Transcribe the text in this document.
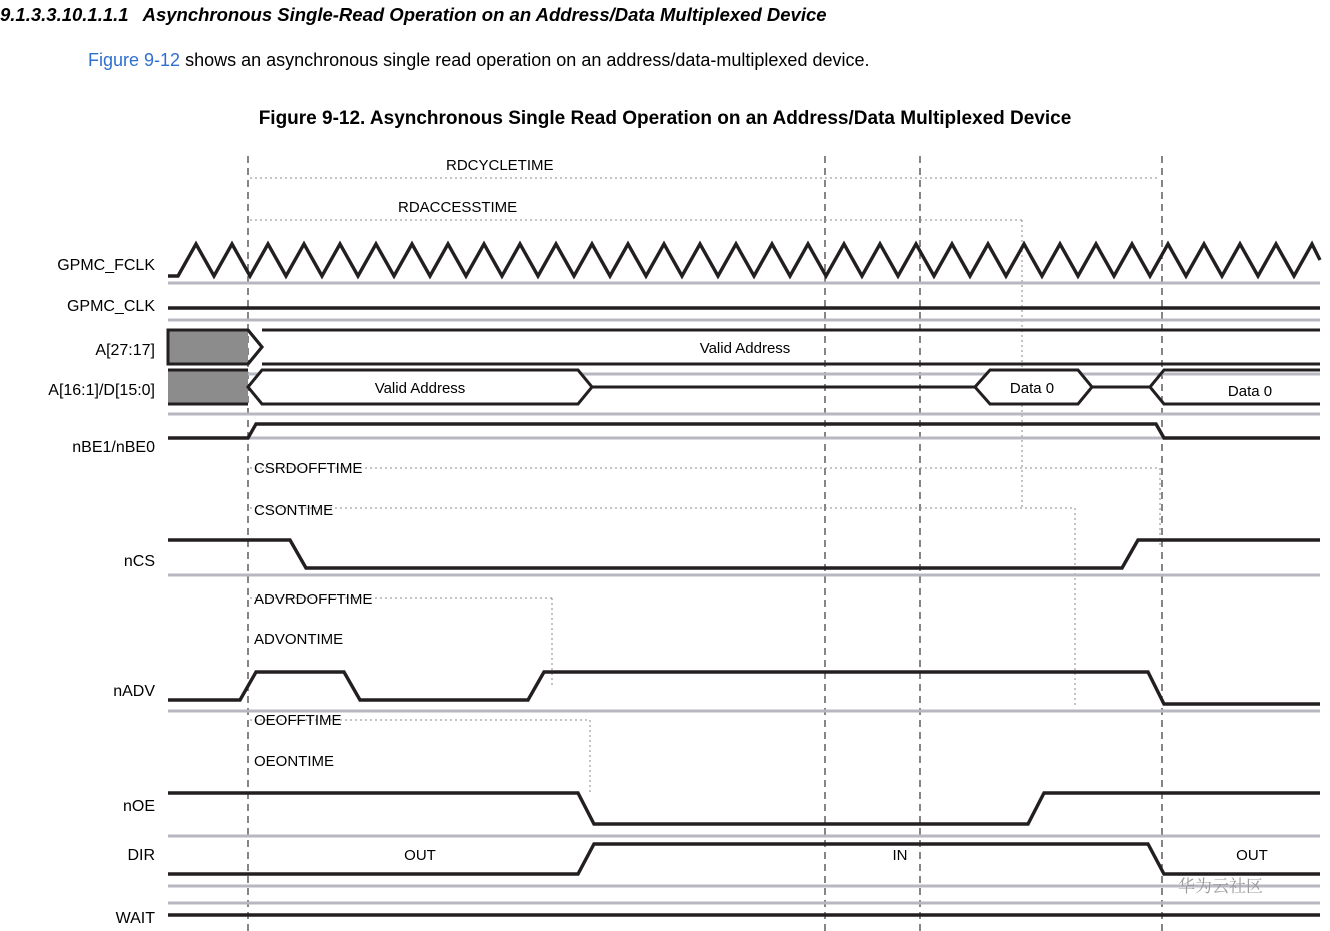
9.1.3.3.10.1.1.1 Asynchronous Single-Read Operation on an Address/Data Multiplexed Device
Figure 9-12 shows an asynchronous single read operation on an address/data-multiplexed device.
Figure 9-12. Asynchronous Single Read Operation on an Address/Data Multiplexed Device
GPMC_FCLK
GPMC_CLK
A[27:17]
A[16:1]/D[15:0]
nBE1/nBE0
nCS
nADV
nOE
DIR
WAIT
RDCYCLETIME
RDACCESSTIME
CSRDOFFTIME
CSONTIME
ADVRDOFFTIME
ADVONTIME
OEOFFTIME
OEONTIME
Valid Address
Valid Address	Data 0	Data 0
OUT	IN	OUT
华为云社区
